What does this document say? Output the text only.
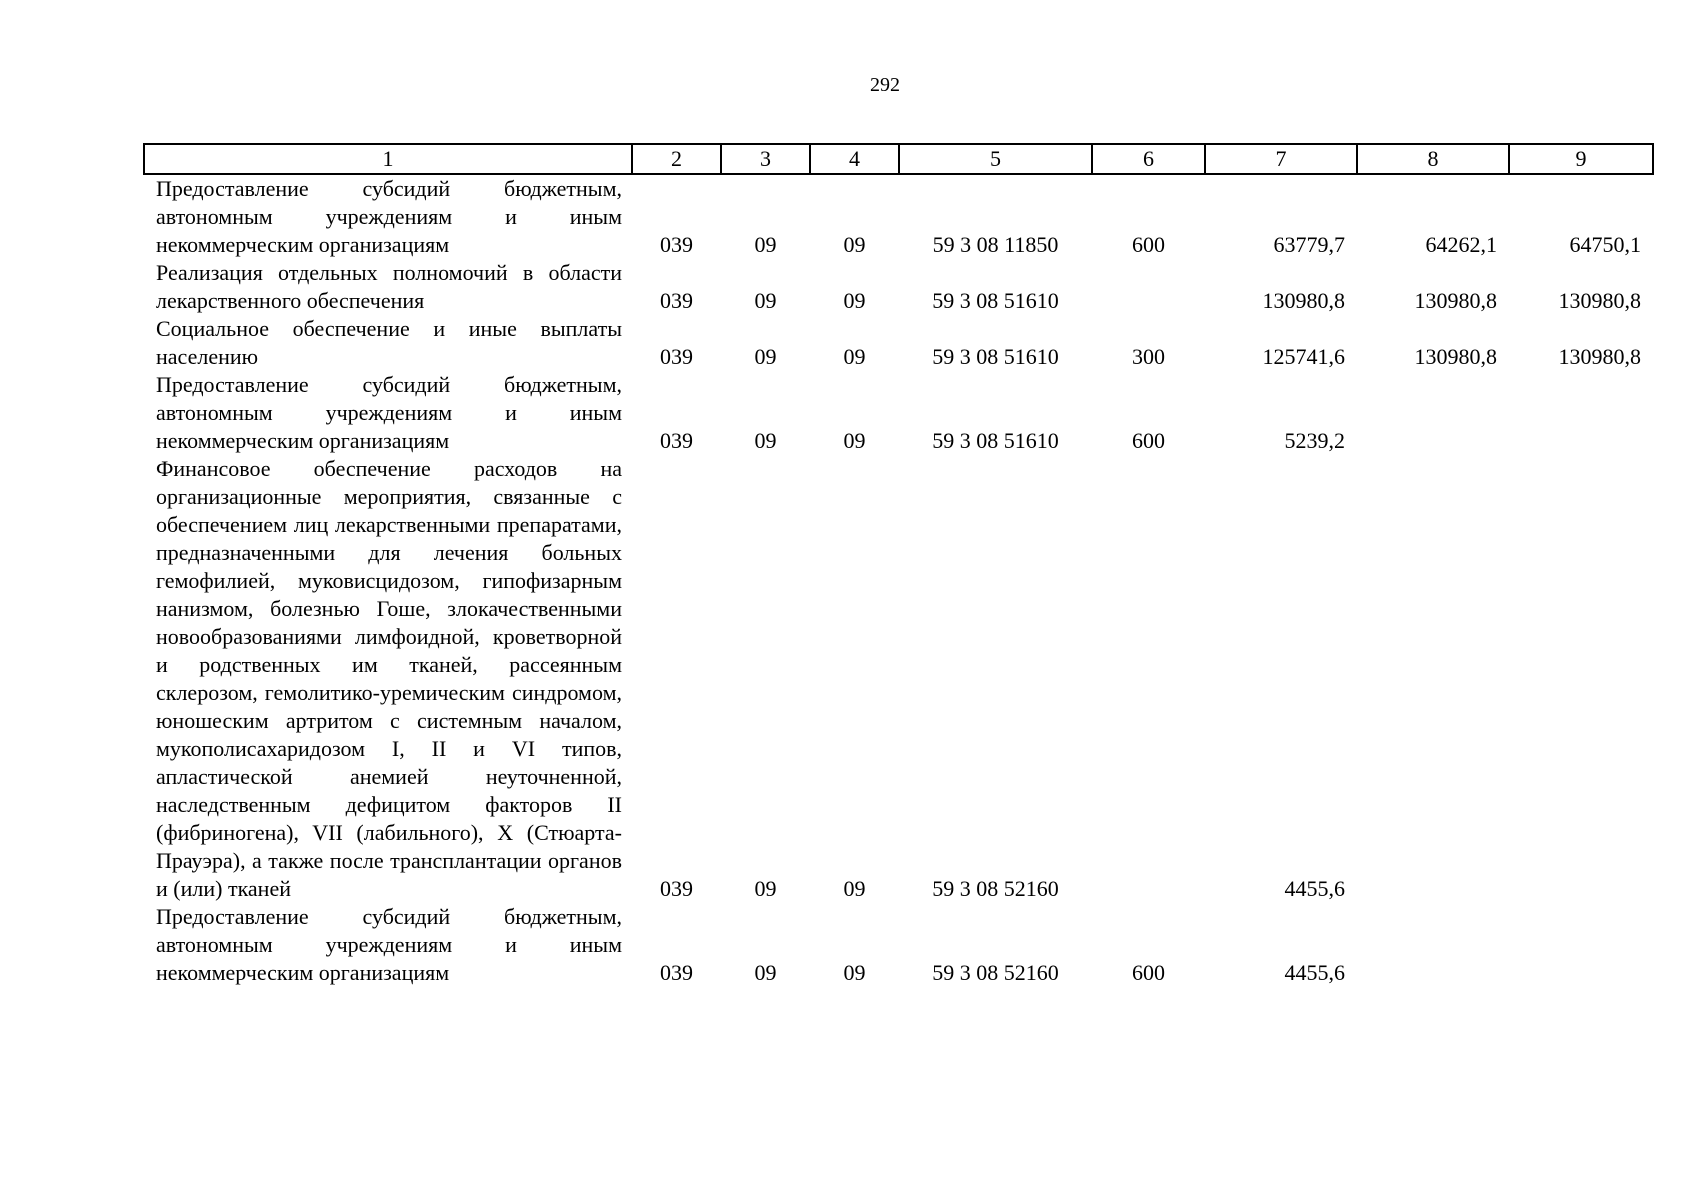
292
1	2	3	4	5	6	7	8	9
Предоставление субсидий бюджетным, автономным учреждениям и иным некоммерческим организациям	039	09	09	59 3 08 11850	600	63779,7	64262,1	64750,1
Реализация отдельных полномочий в области лекарственного обеспечения	039	09	09	59 3 08 51610		130980,8	130980,8	130980,8
Социальное обеспечение и иные выплаты населению	039	09	09	59 3 08 51610	300	125741,6	130980,8	130980,8
Предоставление субсидий бюджетным, автономным учреждениям и иным некоммерческим организациям	039	09	09	59 3 08 51610	600	5239,2		
Финансовое обеспечение расходов на организационные мероприятия, связанные с обеспечением лиц лекарственными препаратами, предназначенными для лечения больных гемофилией, муковисцидозом, гипофизарным нанизмом, болезнью Гоше, злокачественными новообразованиями лимфоидной, кроветворной и родственных им тканей, рассеянным склерозом, гемолитико-уремическим синдромом, юношеским артритом с системным началом, мукополисахаридозом I, II и VI типов, апластической анемией неуточненной, наследственным дефицитом факторов II (фибриногена), VII (лабильного), X (Стюарта-Прауэра), а также после трансплантации органов и (или) тканей	039	09	09	59 3 08 52160		4455,6		
Предоставление субсидий бюджетным, автономным учреждениям и иным некоммерческим организациям	039	09	09	59 3 08 52160	600	4455,6		
